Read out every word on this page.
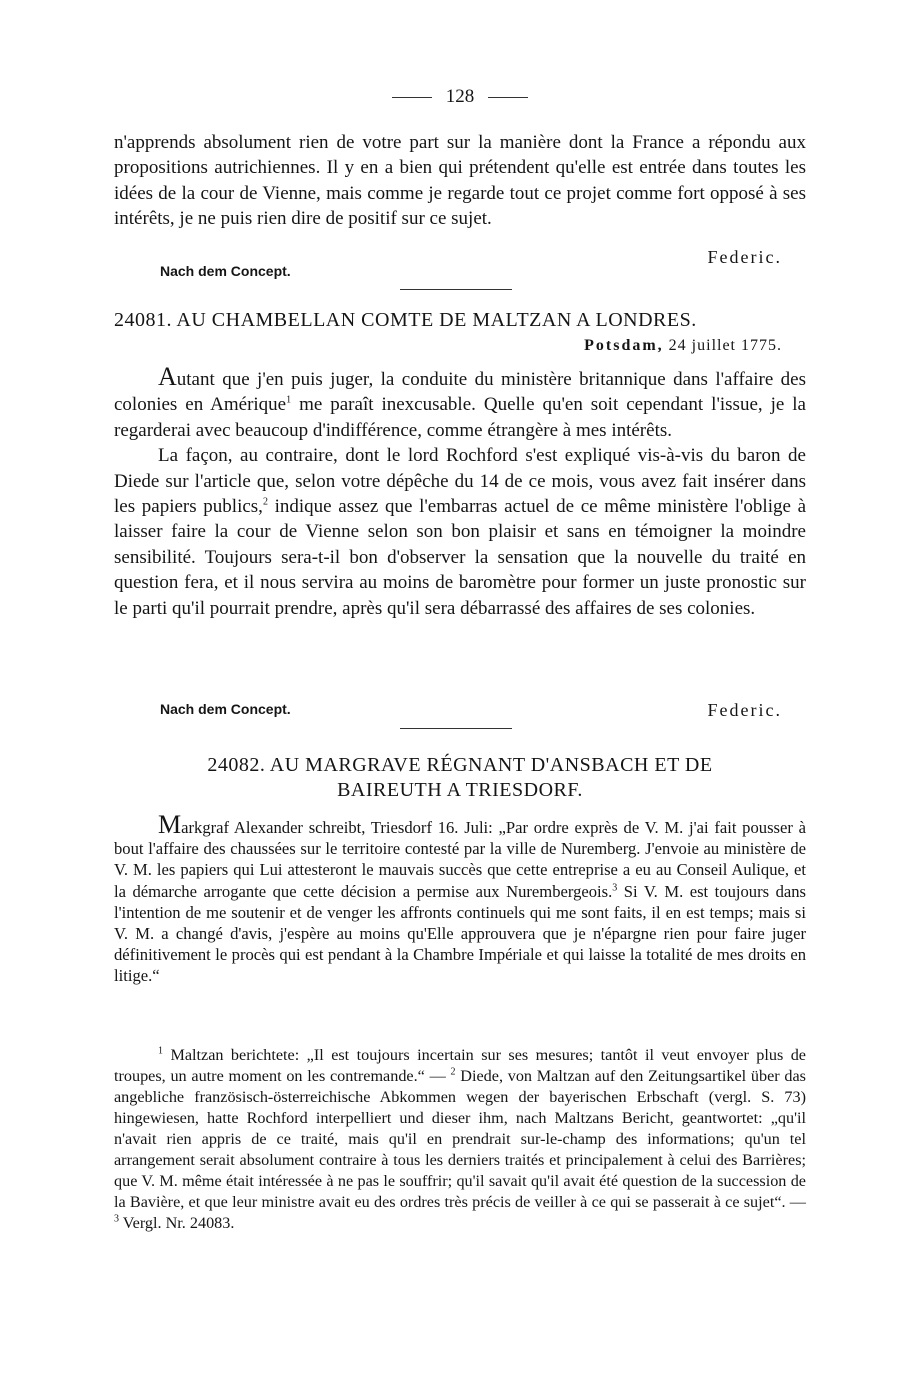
128

n'apprends absolument rien de votre part sur la manière dont la France a répondu aux propositions autrichiennes. Il y en a bien qui prétendent qu'elle est entrée dans toutes les idées de la cour de Vienne, mais comme je regarde tout ce projet comme fort opposé à ses intérêts, je ne puis rien dire de positif sur ce sujet.

Federic.
Nach dem Concept.
24081. AU CHAMBELLAN COMTE DE MALTZAN A LONDRES.
Potsdam, 24 juillet 1775.

Autant que j'en puis juger, la conduite du ministère britannique dans l'affaire des colonies en Amérique$^1$ me paraît inexcusable. Quelle qu'en soit cependant l'issue, je la regarderai avec beaucoup d'indifférence, comme étrangère à mes intérêts.

La façon, au contraire, dont le lord Rochford s'est expliqué vis-à-vis du baron de Diede sur l'article que, selon votre dépêche du 14 de ce mois, vous avez fait insérer dans les papiers publics,$^2$ indique assez que l'embarras actuel de ce même ministère l'oblige à laisser faire la cour de Vienne selon son bon plaisir et sans en témoigner la moindre sensibilité. Toujours sera-t-il bon d'observer la sensation que la nouvelle du traité en question fera, et il nous servira au moins de baromètre pour former un juste pronostic sur le parti qu'il pourrait prendre, après qu'il sera débarrassé des affaires de ses colonies.

Nach dem Concept.	Federic.
24082. AU MARGRAVE RÉGNANT D'ANSBACH ET DE
BAIREUTH A TRIESDORF.

Markgraf Alexander schreibt, Triesdorf 16. Juli: „Par ordre exprès de V. M. j'ai fait pousser à bout l'affaire des chaussées sur le territoire contesté par la ville de Nuremberg. J'envoie au ministère de V. M. les papiers qui Lui attesteront le mauvais succès que cette entreprise a eu au Conseil Aulique, et la démarche arrogante que cette décision a permise aux Nurembergeois.$^3$ Si V. M. est toujours dans l'intention de me soutenir et de venger les affronts continuels qui me sont faits, il en est temps; mais si V. M. a changé d'avis, j'espère au moins qu'Elle approuvera que je n'épargne rien pour faire juger définitivement le procès qui est pendant à la Chambre Impériale et qui laisse la totalité de mes droits en litige.“

$^1$ Maltzan berichtete: „Il est toujours incertain sur ses mesures; tantôt il veut envoyer plus de troupes, un autre moment on les contremande.“ — $^2$ Diede, von Maltzan auf den Zeitungsartikel über das angebliche französisch-österreichische Abkommen wegen der bayerischen Erbschaft (vergl. S. 73) hingewiesen, hatte Rochford interpelliert und dieser ihm, nach Maltzans Bericht, geantwortet: „qu'il n'avait rien appris de ce traité, mais qu'il en prendrait sur-le-champ des informations; qu'un tel arrangement serait absolument contraire à tous les derniers traités et principalement à celui des Barrières; que V. M. même était intéressée à ne pas le souffrir; qu'il savait qu'il avait été question de la succession de la Bavière, et que leur ministre avait eu des ordres très précis de veiller à ce qui se passerait à ce sujet“. — $^3$ Vergl. Nr. 24083.
